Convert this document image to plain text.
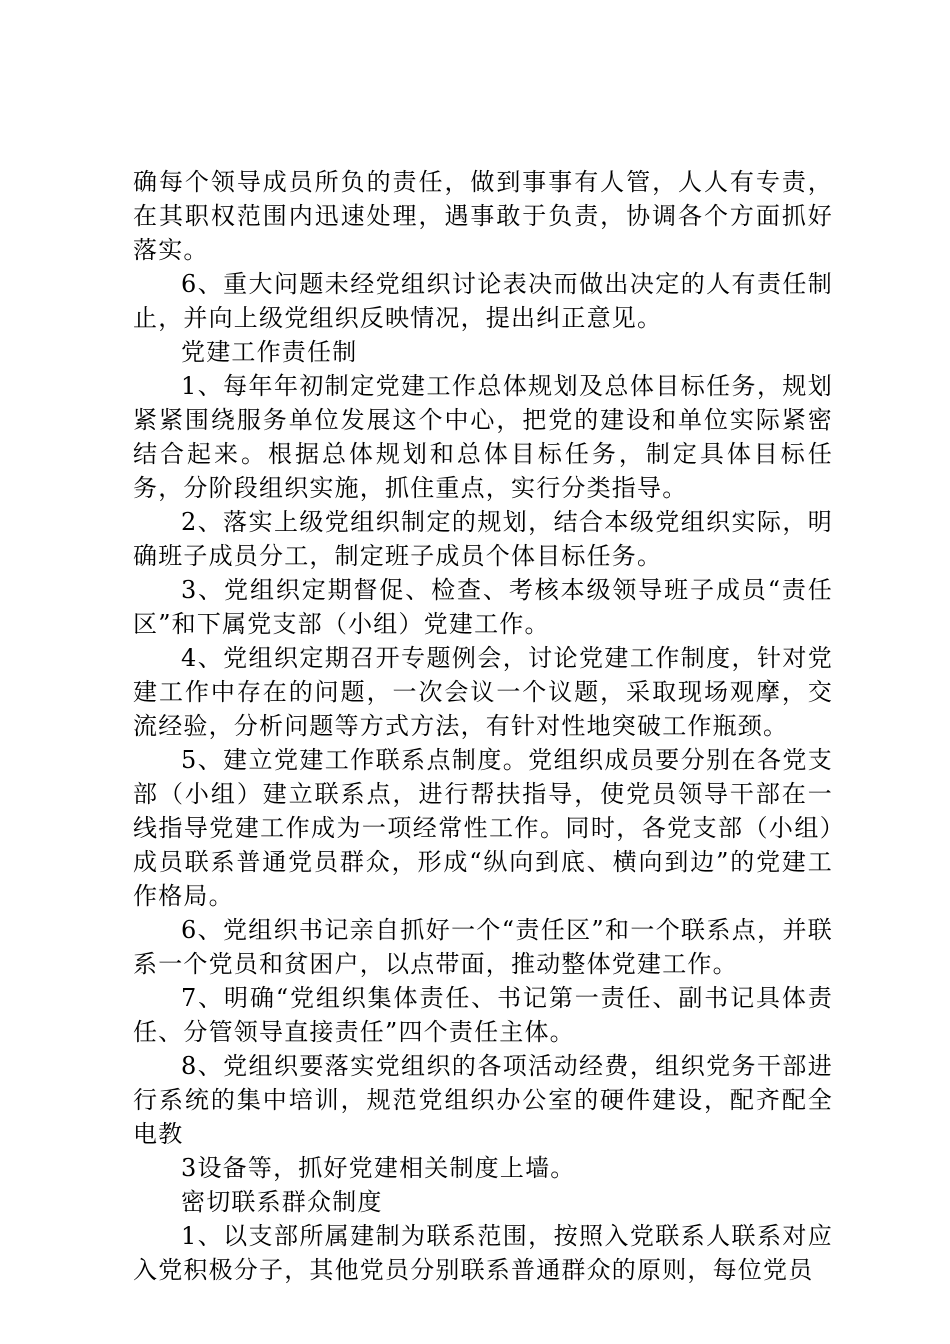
确每个领导成员所负的责任，做到事事有人管，人人有专责，在其职权范围内迅速处理，遇事敢于负责，协调各个方面抓好落实。

6、重大问题未经党组织讨论表决而做出决定的人有责任制止，并向上级党组织反映情况，提出纠正意见。

党建工作责任制

1、每年年初制定党建工作总体规划及总体目标任务，规划紧紧围绕服务单位发展这个中心，把党的建设和单位实际紧密结合起来。根据总体规划和总体目标任务，制定具体目标任务，分阶段组织实施，抓住重点，实行分类指导。

2、落实上级党组织制定的规划，结合本级党组织实际，明确班子成员分工，制定班子成员个体目标任务。

3、党组织定期督促、检查、考核本级领导班子成员“责任区”和下属党支部（小组）党建工作。

4、党组织定期召开专题例会，讨论党建工作制度，针对党建工作中存在的问题，一次会议一个议题，采取现场观摩，交流经验，分析问题等方式方法，有针对性地突破工作瓶颈。

5、建立党建工作联系点制度。党组织成员要分别在各党支部（小组）建立联系点，进行帮扶指导，使党员领导干部在一线指导党建工作成为一项经常性工作。同时，各党支部（小组）成员联系普通党员群众，形成“纵向到底、横向到边”的党建工作格局。

6、党组织书记亲自抓好一个“责任区”和一个联系点，并联系一个党员和贫困户，以点带面，推动整体党建工作。

7、明确“党组织集体责任、书记第一责任、副书记具体责任、分管领导直接责任”四个责任主体。

8、党组织要落实党组织的各项活动经费，组织党务干部进行系统的集中培训，规范党组织办公室的硬件建设，配齐配全电教

3设备等，抓好党建相关制度上墙。

密切联系群众制度

1、以支部所属建制为联系范围，按照入党联系人联系对应入党积极分子，其他党员分别联系普通群众的原则，每位党员
